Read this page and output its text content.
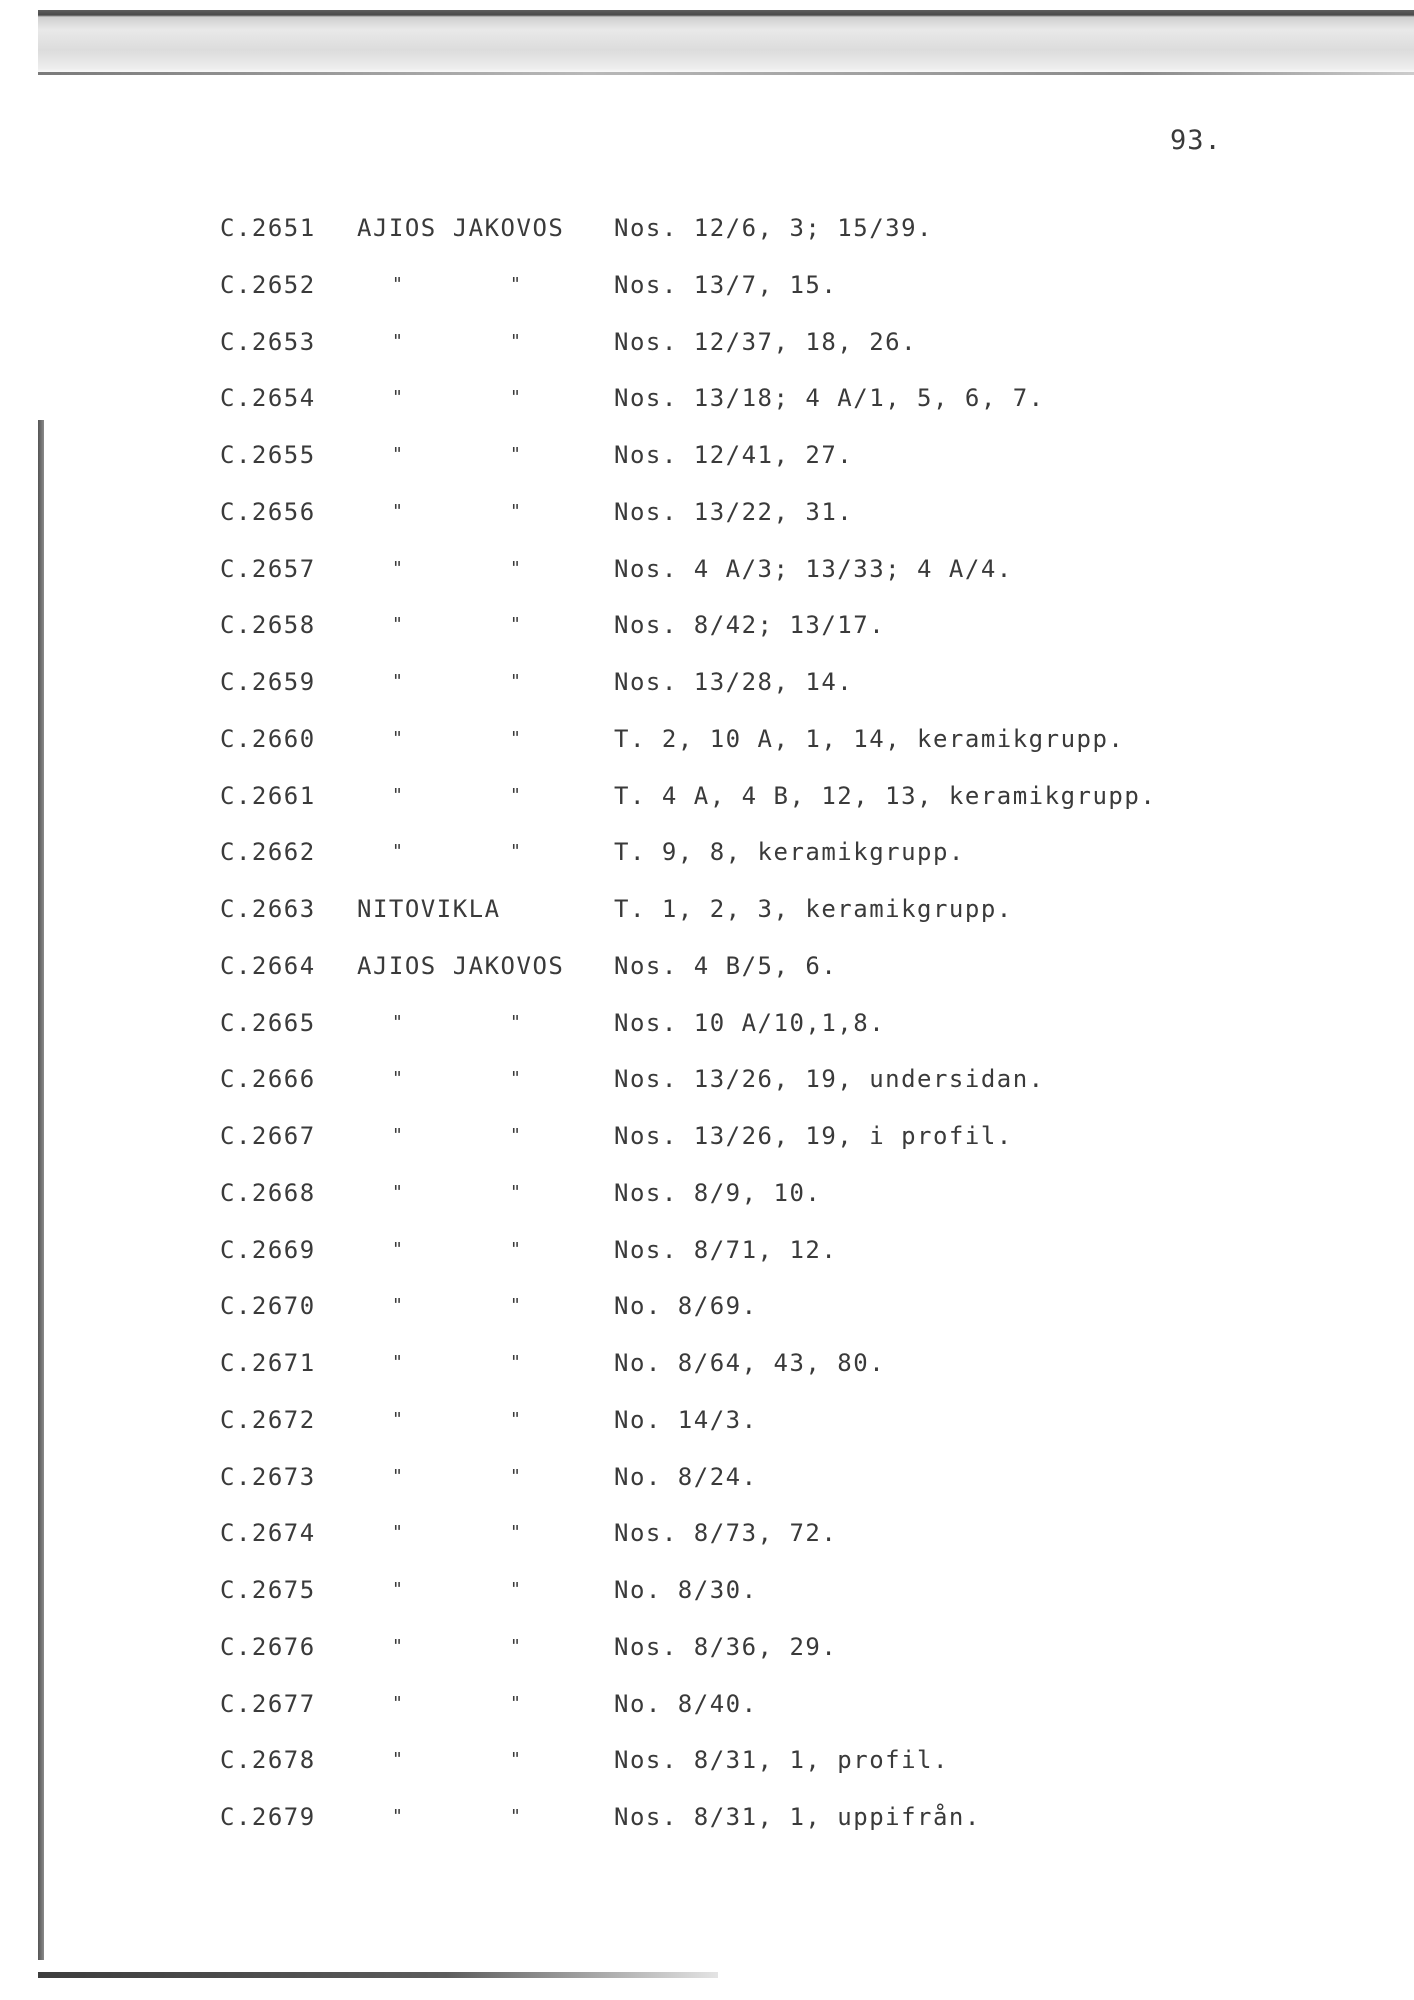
93.
C.2651 AJIOS JAKOVOS Nos. 12/6, 3; 15/39.
C.2652	"	"	Nos. 13/7, 15.
C.2653	"	"	Nos. 12/37, 18, 26.
C.2654	"	"	Nos. 13/18; 4 A/1, 5, 6, 7.
C.2655	"	"	Nos. 12/41, 27.
C.2656	"	"	Nos. 13/22, 31.
C.2657	"	"	Nos. 4 A/3; 13/33; 4 A/4.
C.2658	"	"	Nos. 8/42; 13/17.
C.2659	"	"	Nos. 13/28, 14.
C.2660	"	"	T. 2, 10 A, 1, 14, keramikgrupp.
C.2661	"	"	T. 4 A, 4 B, 12, 13, keramikgrupp.
C.2662	"	"	T. 9, 8, keramikgrupp.
C.2663 NITOVIKLA	T. 1, 2, 3, keramikgrupp.
C.2664 AJIOS JAKOVOS Nos. 4 B/5, 6.
C.2665	"	"	Nos. 10 A/10,1,8.
C.2666	"	"	Nos. 13/26, 19, undersidan.
C.2667	"	"	Nos. 13/26, 19, i profil.
C.2668	"	"	Nos. 8/9, 10.
C.2669	"	"	Nos. 8/71, 12.
C.2670	"	"	No. 8/69.
C.2671	"	"	No. 8/64, 43, 80.
C.2672	"	"	No. 14/3.
C.2673	"	"	No. 8/24.
C.2674	"	"	Nos. 8/73, 72.
C.2675	"	"	No. 8/30.
C.2676	"	"	Nos. 8/36, 29.
C.2677	"	"	No. 8/40.
C.2678	"	"	Nos. 8/31, 1, profil.
C.2679	"	"	Nos. 8/31, 1, uppifrån.
